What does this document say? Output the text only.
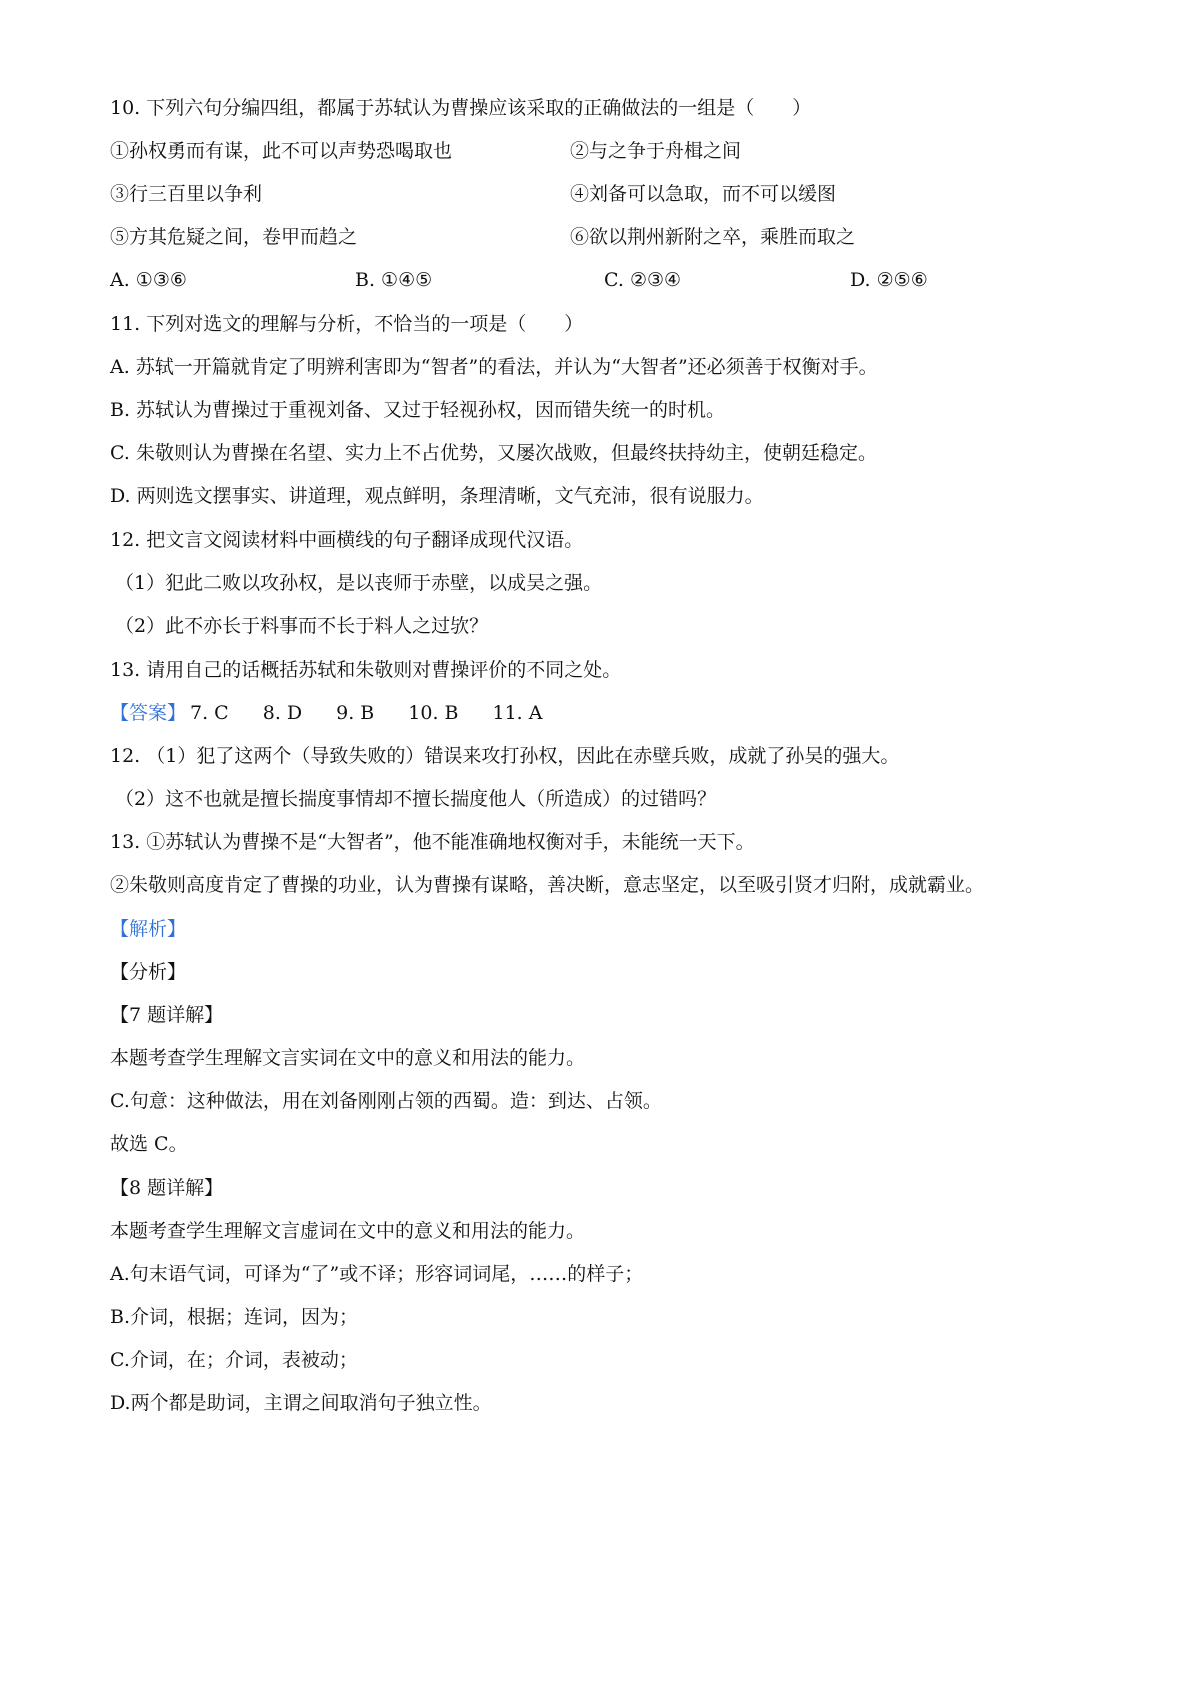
10. 下列六句分编四组，都属于苏轼认为曹操应该采取的正确做法的一组是（　　）
①孙权勇而有谋，此不可以声势恐喝取也	②与之争于舟楫之间
③行三百里以争利	④刘备可以急取，而不可以缓图
⑤方其危疑之间，卷甲而趋之	⑥欲以荆州新附之卒，乘胜而取之
A. ①③⑥	B. ①④⑤	C. ②③④	D. ②⑤⑥
11. 下列对选文的理解与分析，不恰当的一项是（　　）
A. 苏轼一开篇就肯定了明辨利害即为“智者”的看法，并认为“大智者”还必须善于权衡对手。
B. 苏轼认为曹操过于重视刘备、又过于轻视孙权，因而错失统一的时机。
C. 朱敬则认为曹操在名望、实力上不占优势，又屡次战败，但最终扶持幼主，使朝廷稳定。
D. 两则选文摆事实、讲道理，观点鲜明，条理清晰，文气充沛，很有说服力。
12. 把文言文阅读材料中画横线的句子翻译成现代汉语。
（1）犯此二败以攻孙权，是以丧师于赤壁，以成吴之强。
（2）此不亦长于料事而不长于料人之过欤？
13. 请用自己的话概括苏轼和朱敬则对曹操评价的不同之处。
【答案】 7. C 8. D 9. B 10. B 11. A
12. （1）犯了这两个（导致失败的）错误来攻打孙权，因此在赤壁兵败，成就了孙吴的强大。
（2）这不也就是擅长揣度事情却不擅长揣度他人（所造成）的过错吗？
13. ①苏轼认为曹操不是“大智者”，他不能准确地权衡对手，未能统一天下。
②朱敬则高度肯定了曹操的功业，认为曹操有谋略，善决断，意志坚定，以至吸引贤才归附，成就霸业。
【解析】
【分析】
【7 题详解】
本题考查学生理解文言实词在文中的意义和用法的能力。
C.句意：这种做法，用在刘备刚刚占领的西蜀。造：到达、占领。
故选 C。
【8 题详解】
本题考查学生理解文言虚词在文中的意义和用法的能力。
A.句末语气词，可译为“了”或不译；形容词词尾，……的样子；
B.介词，根据；连词，因为；
C.介词，在；介词，表被动；
D.两个都是助词，主谓之间取消句子独立性。
